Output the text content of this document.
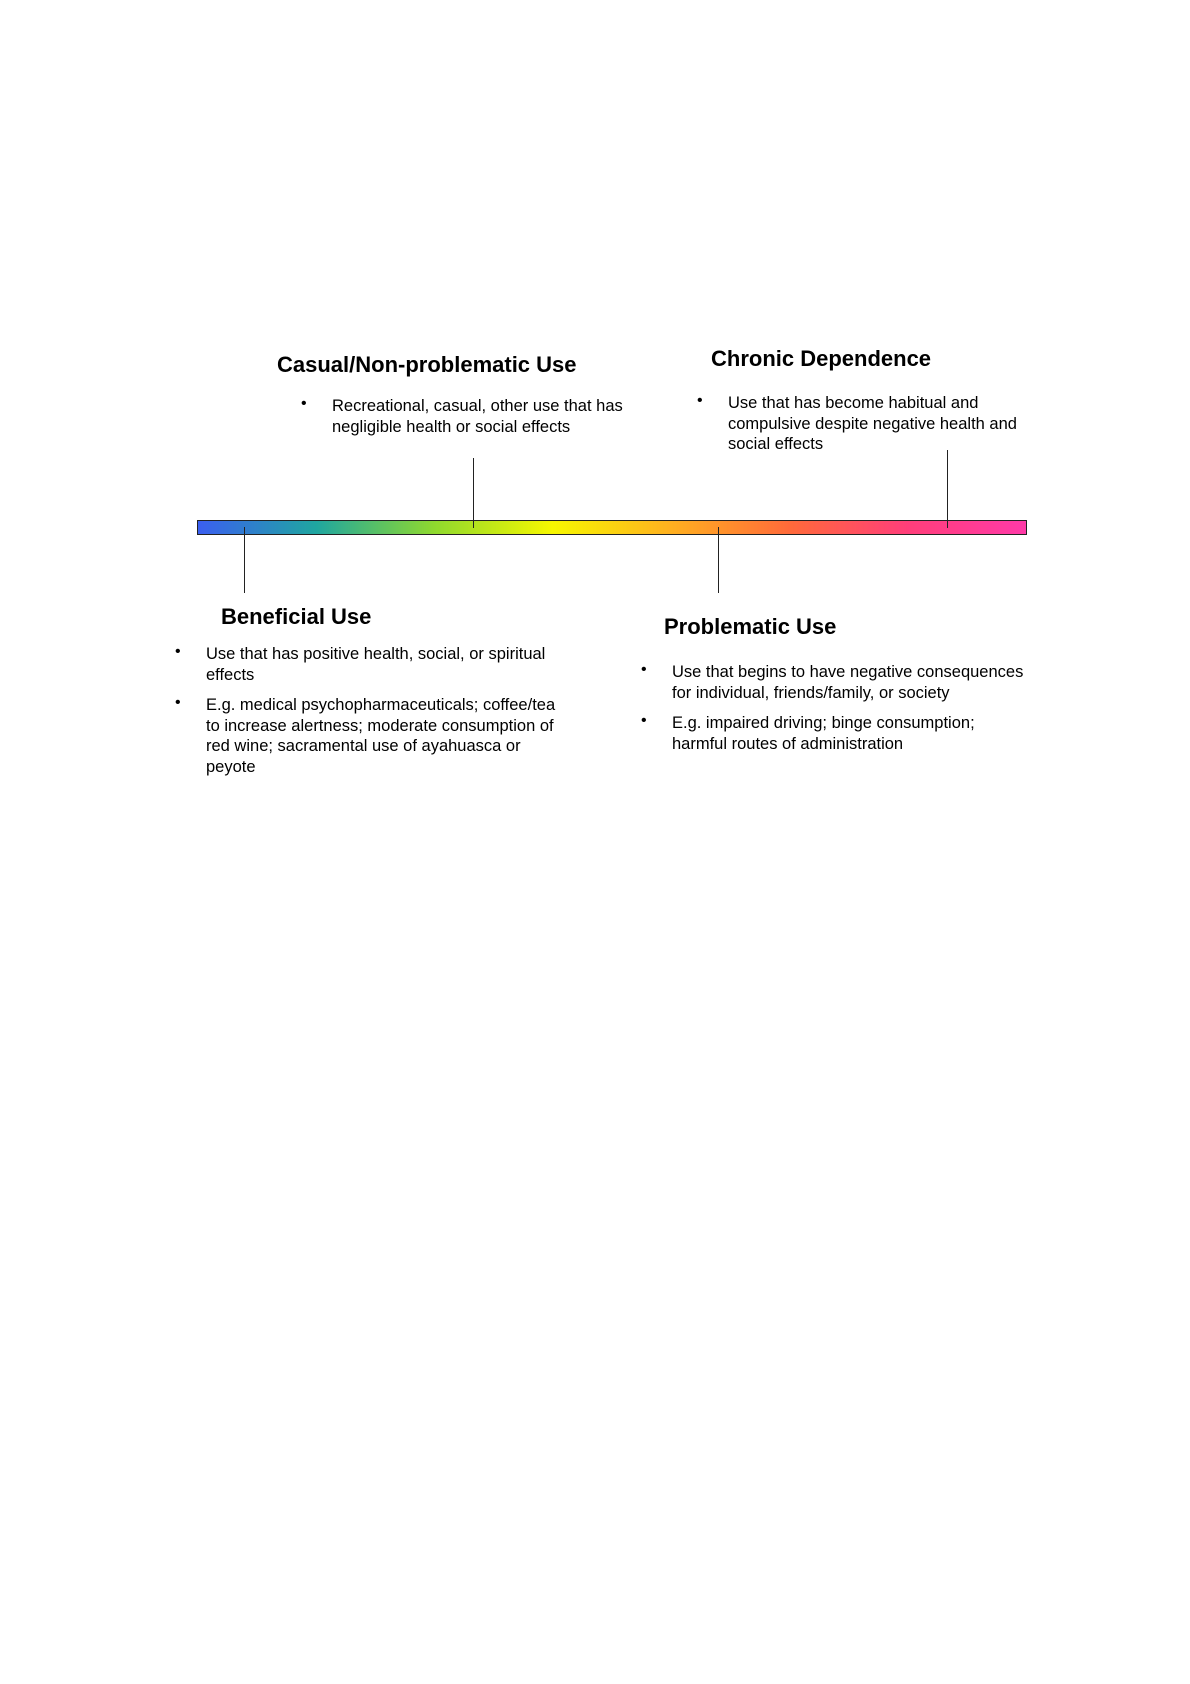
Casual/Non-problematic Use
• Recreational, casual, other use that has negligible health or social effects
Chronic Dependence
• Use that has become habitual and compulsive despite negative health and social effects
Beneficial Use
• Use that has positive health, social, or spiritual effects
• E.g. medical psychopharmaceuticals; coffee/tea to increase alertness; moderate consumption of red wine; sacramental use of ayahuasca or peyote
Problematic Use
• Use that begins to have negative consequences for individual, friends/family, or society
• E.g. impaired driving; binge consumption; harmful routes of administration
